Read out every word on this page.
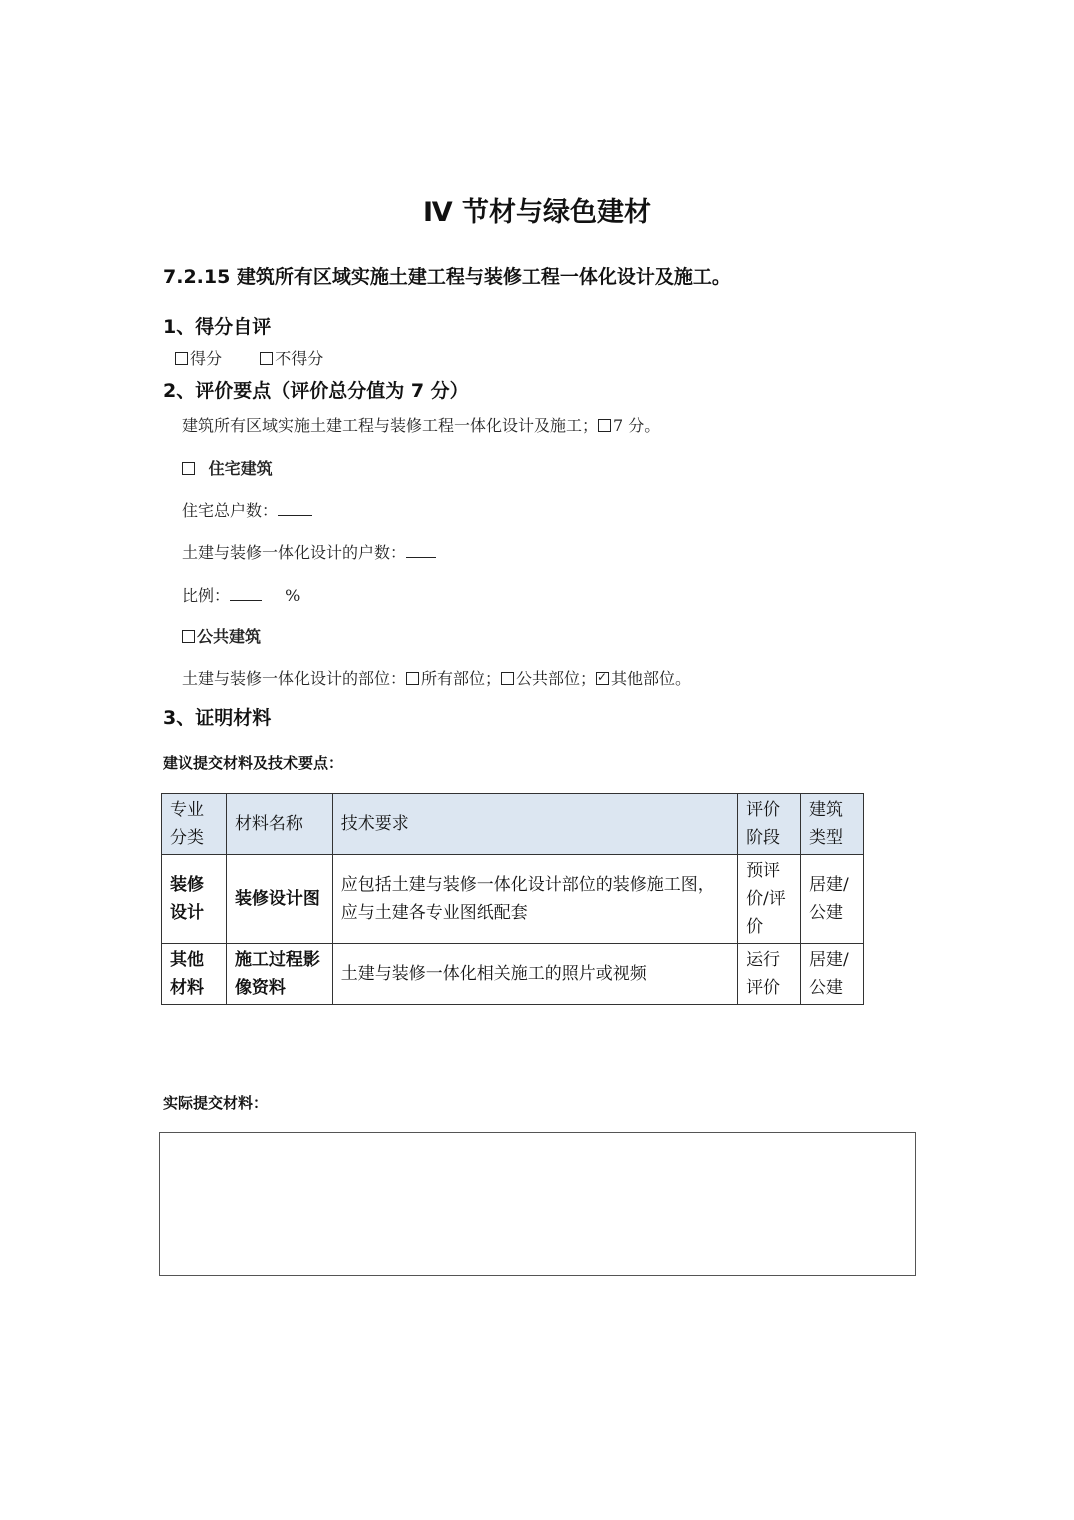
Ⅳ 节材与绿色建材
7.2.15 建筑所有区域实施土建工程与装修工程一体化设计及施工。
1、得分自评
得分	不得分
2、评价要点（评价总分值为 7 分）
建筑所有区域实施土建工程与装修工程一体化设计及施工； 7 分。
住宅建筑
住宅总户数：
土建与装修一体化设计的户数：
比例：	%
公共建筑
土建与装修一体化设计的部位： 所有部位； 公共部位； ✓ 其他部位。
3、证明材料
建议提交材料及技术要点：
专业分类	材料名称	技术要求	评价阶段	建筑类型
装修设计	装修设计图	应包括土建与装修一体化设计部位的装修施工图，应与土建各专业图纸配套	预评价/评价	居建/公建
其他材料	施工过程影像资料	土建与装修一体化相关施工的照片或视频	运行评价	居建/公建
实际提交材料：
